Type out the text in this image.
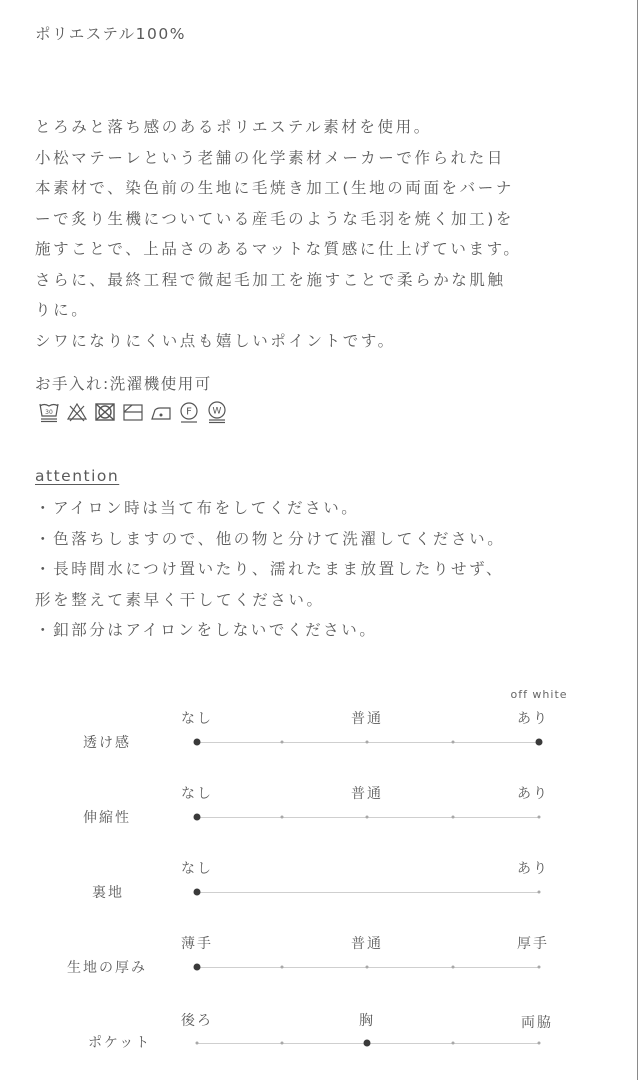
ポリエステル100%

とろみと落ち感のあるポリエステル素材を使用。

小松マテーレという老舗の化学素材メーカーで作られた日

本素材で、染色前の生地に毛焼き加工(生地の両面をバーナ

ーで炙り生機についている産毛のような毛羽を焼く加工)を

施すことで、上品さのあるマットな質感に仕上げています。

さらに、最終工程で微起毛加工を施すことで柔らかな肌触

りに。

シワになりにくい点も嬉しいポイントです。

お手入れ:洗濯機使用可
30	F W
attention

・アイロン時は当て布をしてください。

・色落ちしますので、他の物と分けて洗濯してください。

・長時間水につけ置いたり、濡れたまま放置したりせず、

形を整えて素早く干してください。

・釦部分はアイロンをしないでください。

off white
なし	普通	あり
透け感
なし	普通	あり
伸縮性
なし	あり
裏地
薄手	普通	厚手
生地の厚み
後ろ	胸	両脇
ポケット
